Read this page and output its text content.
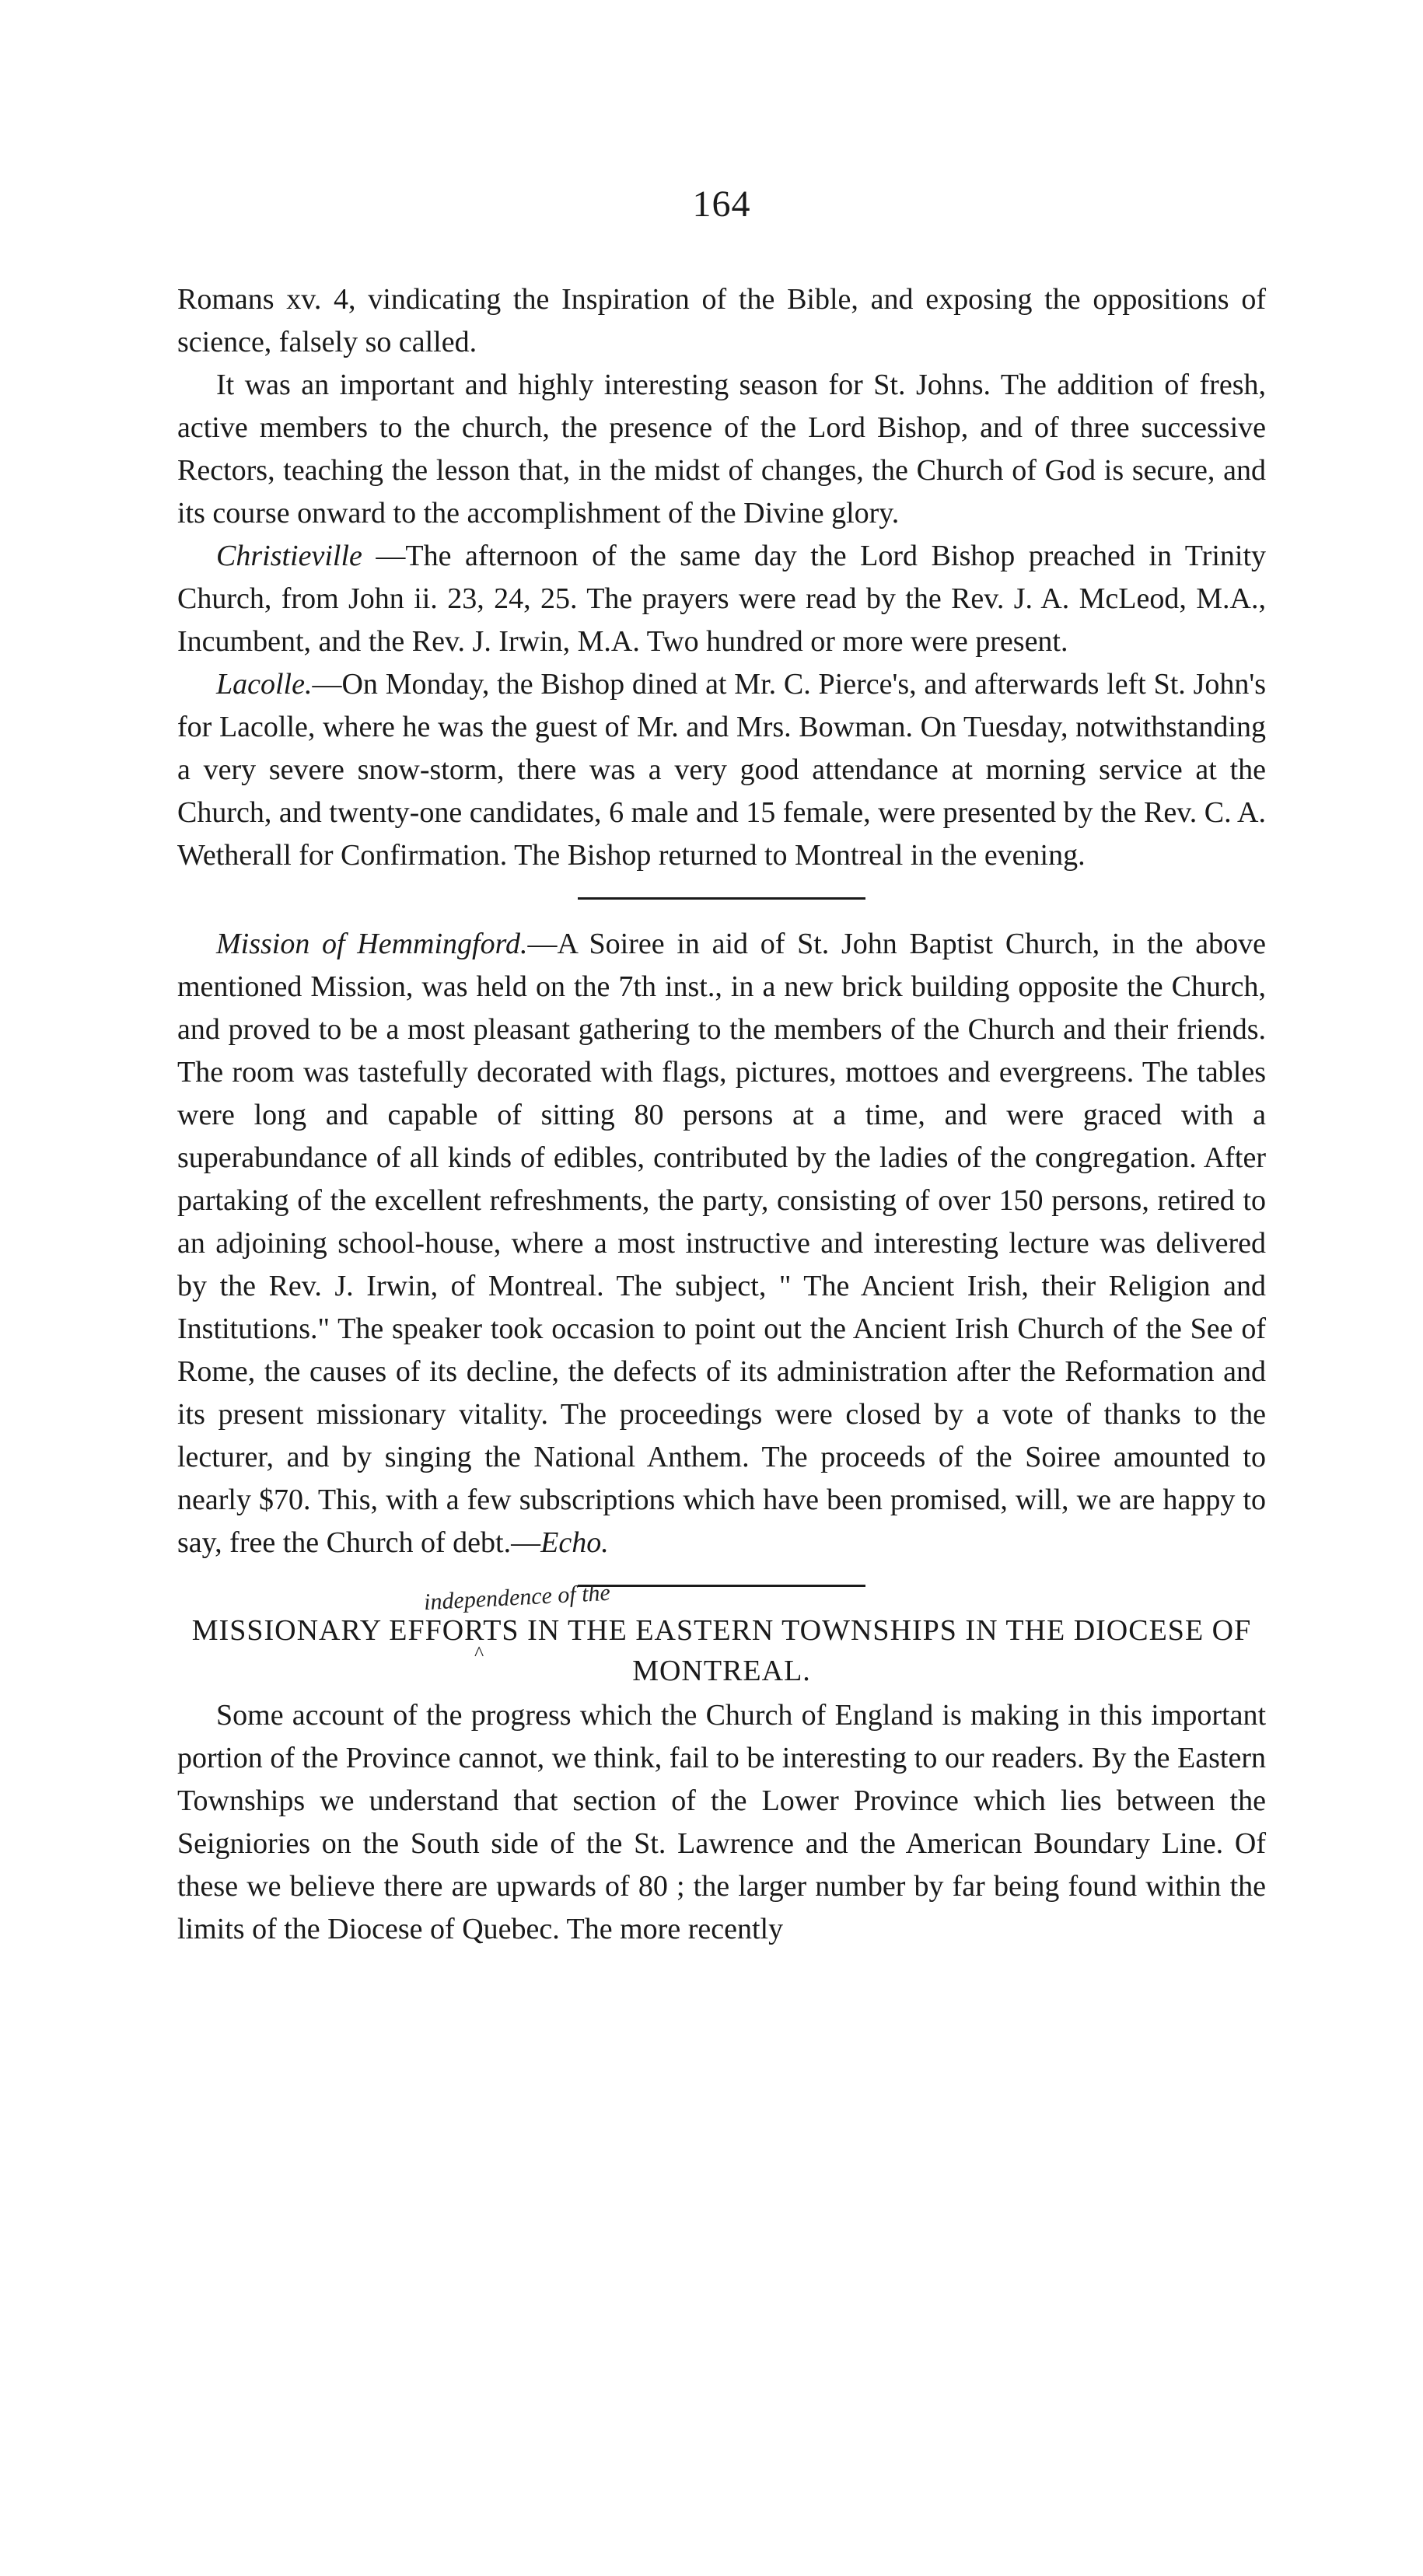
164

Romans xv. 4, vindicating the Inspiration of the Bible, and exposing the oppositions of science, falsely so called.

It was an important and highly interesting season for St. Johns. The addition of fresh, active members to the church, the presence of the Lord Bishop, and of three successive Rectors, teaching the lesson that, in the midst of changes, the Church of God is secure, and its course onward to the accomplishment of the Divine glory.

Christieville —The afternoon of the same day the Lord Bishop preached in Trinity Church, from John ii. 23, 24, 25. The prayers were read by the Rev. J. A. McLeod, M.A., Incumbent, and the Rev. J. Irwin, M.A. Two hundred or more were present.

Lacolle.—On Monday, the Bishop dined at Mr. C. Pierce's, and afterwards left St. John's for Lacolle, where he was the guest of Mr. and Mrs. Bowman. On Tuesday, notwithstanding a very severe snow-storm, there was a very good attendance at morning service at the Church, and twenty-one candidates, 6 male and 15 female, were presented by the Rev. C. A. Wetherall for Confirmation. The Bishop returned to Montreal in the evening.

Mission of Hemmingford.—A Soiree in aid of St. John Baptist Church, in the above mentioned Mission, was held on the 7th inst., in a new brick building opposite the Church, and proved to be a most pleasant gathering to the members of the Church and their friends. The room was tastefully decorated with flags, pictures, mottoes and evergreens. The tables were long and capable of sitting 80 persons at a time, and were graced with a superabundance of all kinds of edibles, contributed by the ladies of the congregation. After partaking of the excellent refreshments, the party, consisting of over 150 persons, retired to an adjoining school-house, where a most instructive and interesting lecture was delivered by the Rev. J. Irwin, of Montreal. The subject, " The Ancient Irish, their Religion and Institutions." The speaker took occasion to point out the Ancient Irish Church of the See of Rome, the causes of its decline, the defects of its administration after the Reformation and its present missionary vitality. The proceedings were closed by a vote of thanks to the lecturer, and by singing the National Anthem. The proceeds of the Soiree amounted to nearly $70. This, with a few subscriptions which have been promised, will, we are happy to say, free the Church of debt.—Echo.

MISSIONARY EFFORTS IN THE EASTERN TOWNSHIPS IN THE DIOCESE OF MONTREAL.

Some account of the progress which the Church of England is making in this important portion of the Province cannot, we think, fail to be interesting to our readers. By the Eastern Townships we understand that section of the Lower Province which lies between the Seigniories on the South side of the St. Lawrence and the American Boundary Line. Of these we believe there are upwards of 80 ; the larger number by far being found within the limits of the Diocese of Quebec. The more recently

independence of the
^
